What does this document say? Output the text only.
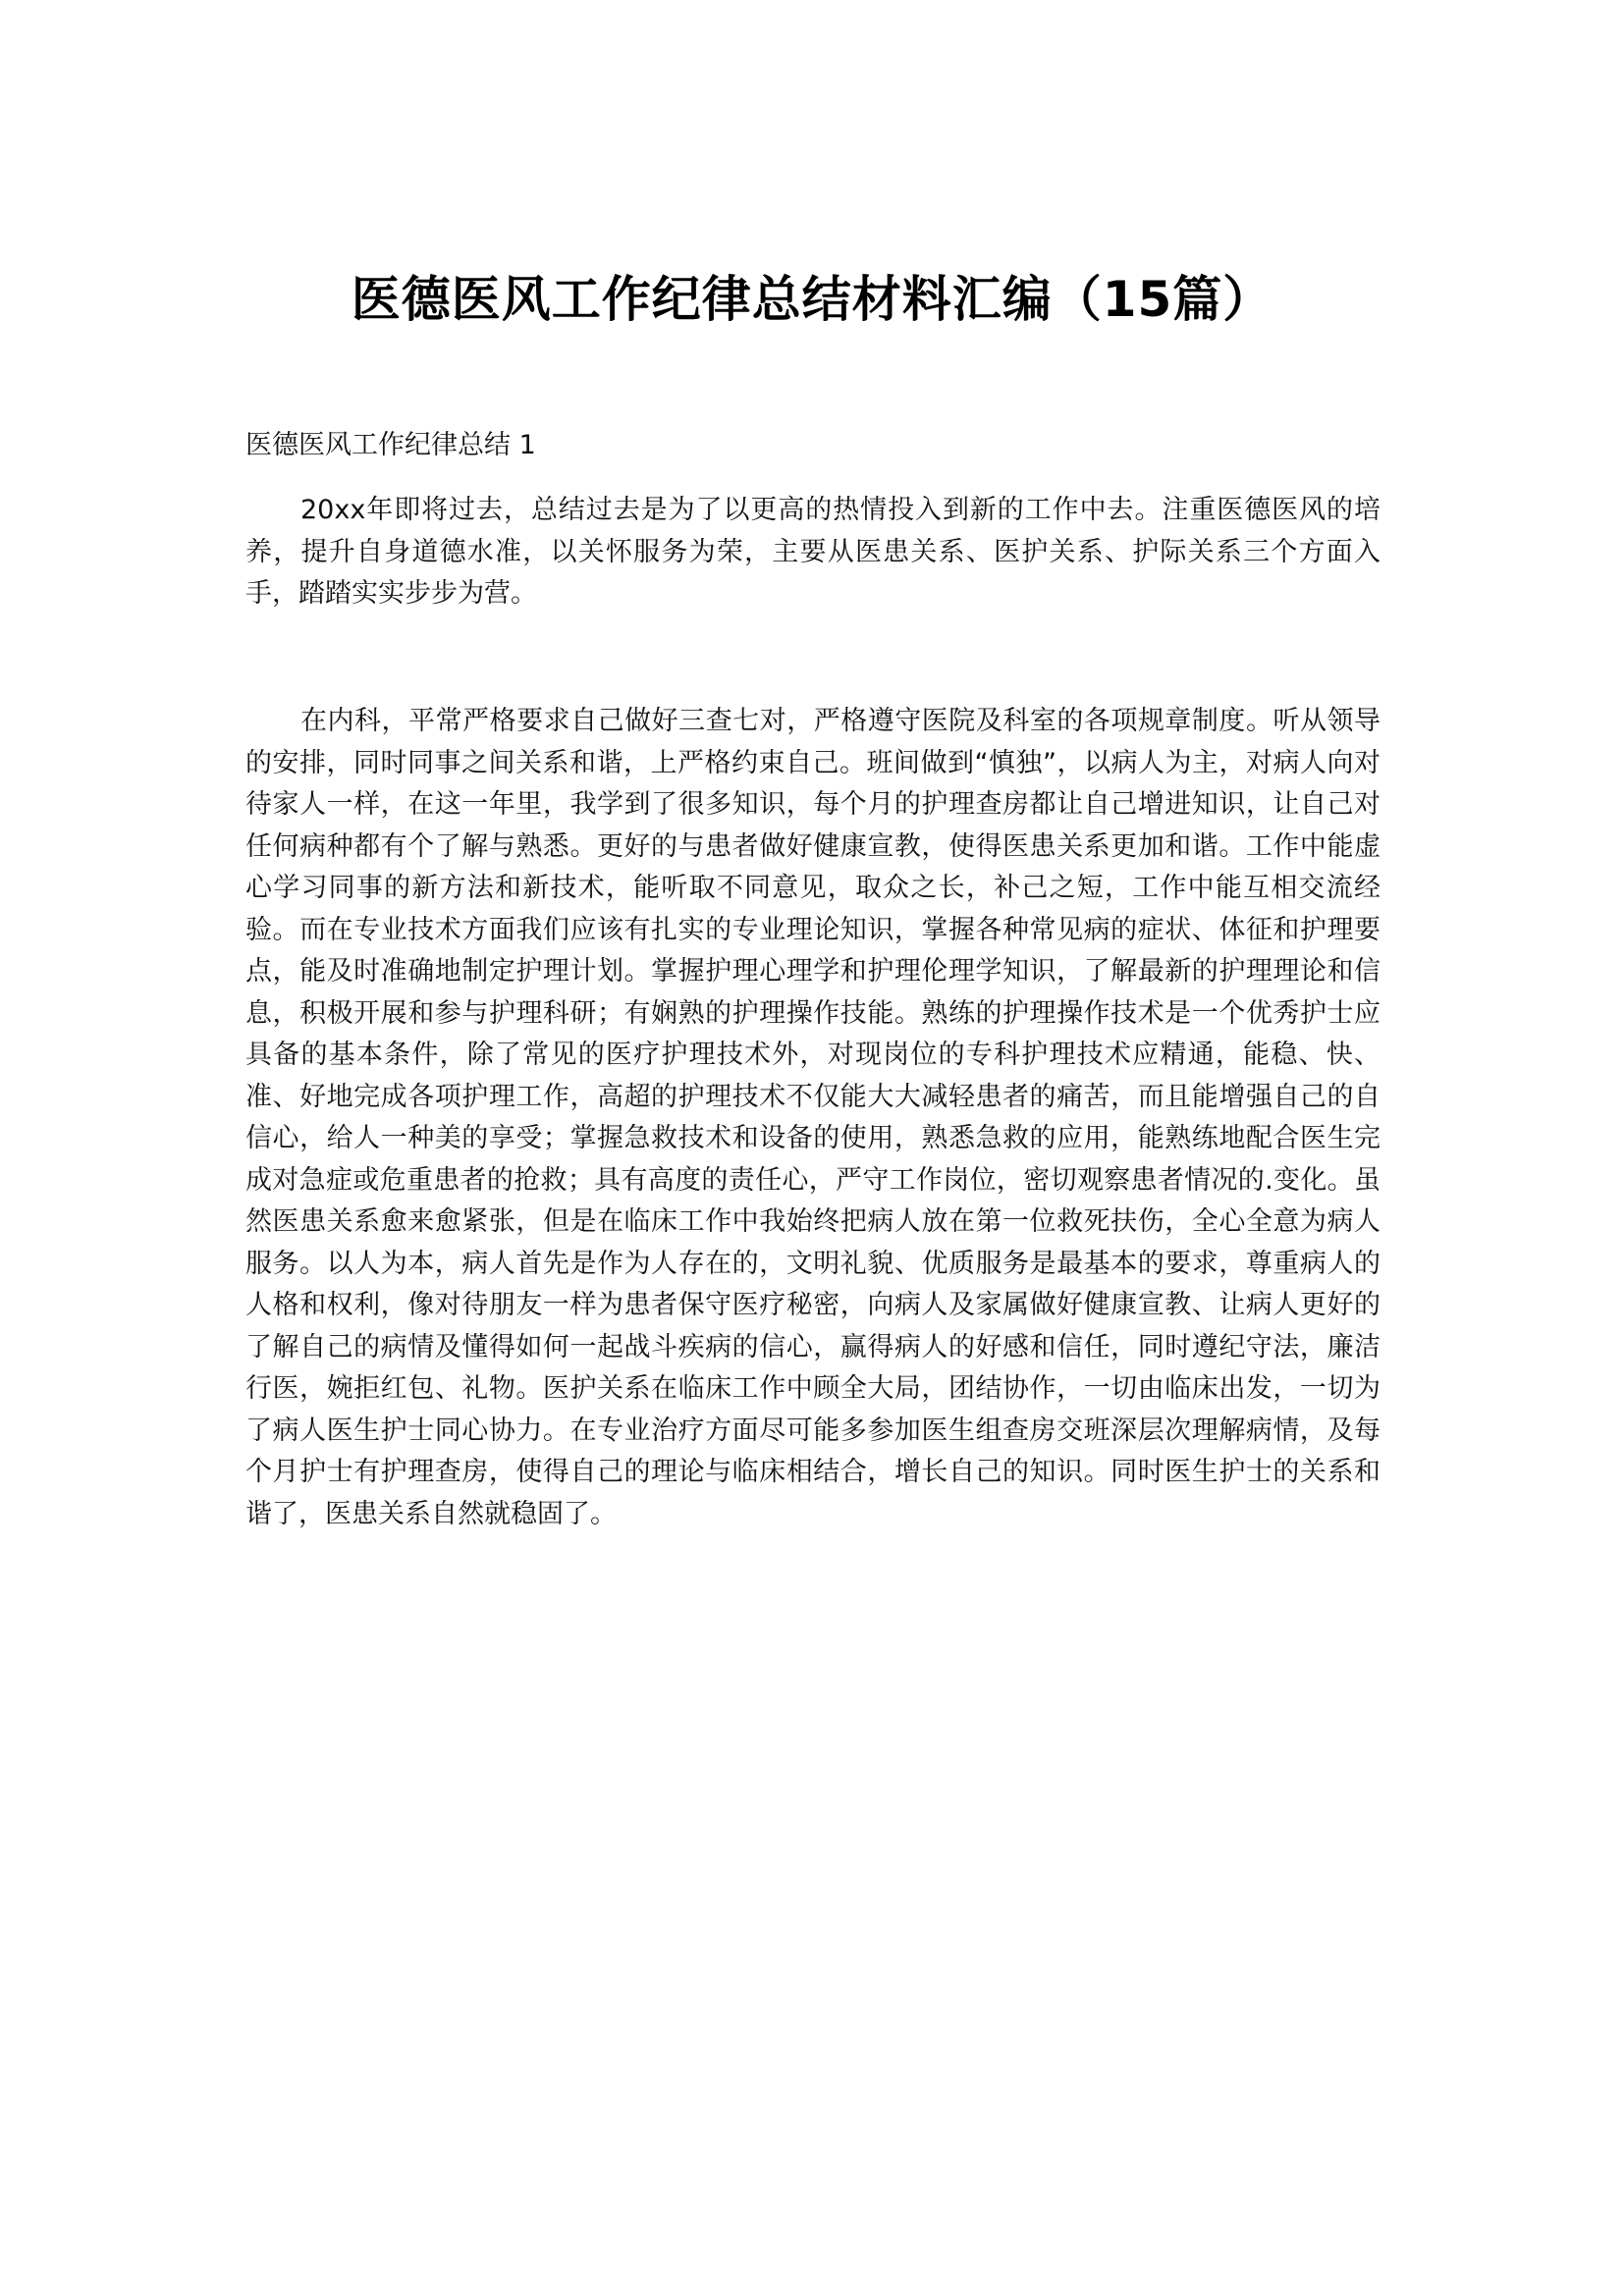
医德医风工作纪律总结材料汇编（15篇）

医德医风工作纪律总结 1

20xx年即将过去，总结过去是为了以更高的热情投入到新的工作中去。注重医德医风的培养，提升自身道德水准，以关怀服务为荣，主要从医患关系、医护关系、护际关系三个方面入手，踏踏实实步步为营。

在内科，平常严格要求自己做好三查七对，严格遵守医院及科室的各项规章制度。听从领导的安排，同时同事之间关系和谐，上严格约束自己。班间做到“慎独”，以病人为主，对病人向对待家人一样，在这一年里，我学到了很多知识，每个月的护理查房都让自己增进知识，让自己对任何病种都有个了解与熟悉。更好的与患者做好健康宣教，使得医患关系更加和谐。工作中能虚心学习同事的新方法和新技术，能听取不同意见，取众之长，补己之短，工作中能互相交流经验。而在专业技术方面我们应该有扎实的专业理论知识，掌握各种常见病的症状、体征和护理要点，能及时准确地制定护理计划。掌握护理心理学和护理伦理学知识，了解最新的护理理论和信息，积极开展和参与护理科研；有娴熟的护理操作技能。熟练的护理操作技术是一个优秀护士应具备的基本条件，除了常见的医疗护理技术外，对现岗位的专科护理技术应精通，能稳、快、准、好地完成各项护理工作，高超的护理技术不仅能大大减轻患者的痛苦，而且能增强自己的自信心，给人一种美的享受；掌握急救技术和设备的使用，熟悉急救的应用，能熟练地配合医生完成对急症或危重患者的抢救；具有高度的责任心，严守工作岗位，密切观察患者情况的.变化。虽然医患关系愈来愈紧张，但是在临床工作中我始终把病人放在第一位救死扶伤，全心全意为病人服务。以人为本，病人首先是作为人存在的，文明礼貌、优质服务是最基本的要求，尊重病人的人格和权利，像对待朋友一样为患者保守医疗秘密，向病人及家属做好健康宣教、让病人更好的了解自己的病情及懂得如何一起战斗疾病的信心，赢得病人的好感和信任，同时遵纪守法，廉洁行医，婉拒红包、礼物。医护关系在临床工作中顾全大局，团结协作，一切由临床出发，一切为了病人医生护士同心协力。在专业治疗方面尽可能多参加医生组查房交班深层次理解病情，及每个月护士有护理查房，使得自己的理论与临床相结合，增长自己的知识。同时医生护士的关系和谐了，医患关系自然就稳固了。
